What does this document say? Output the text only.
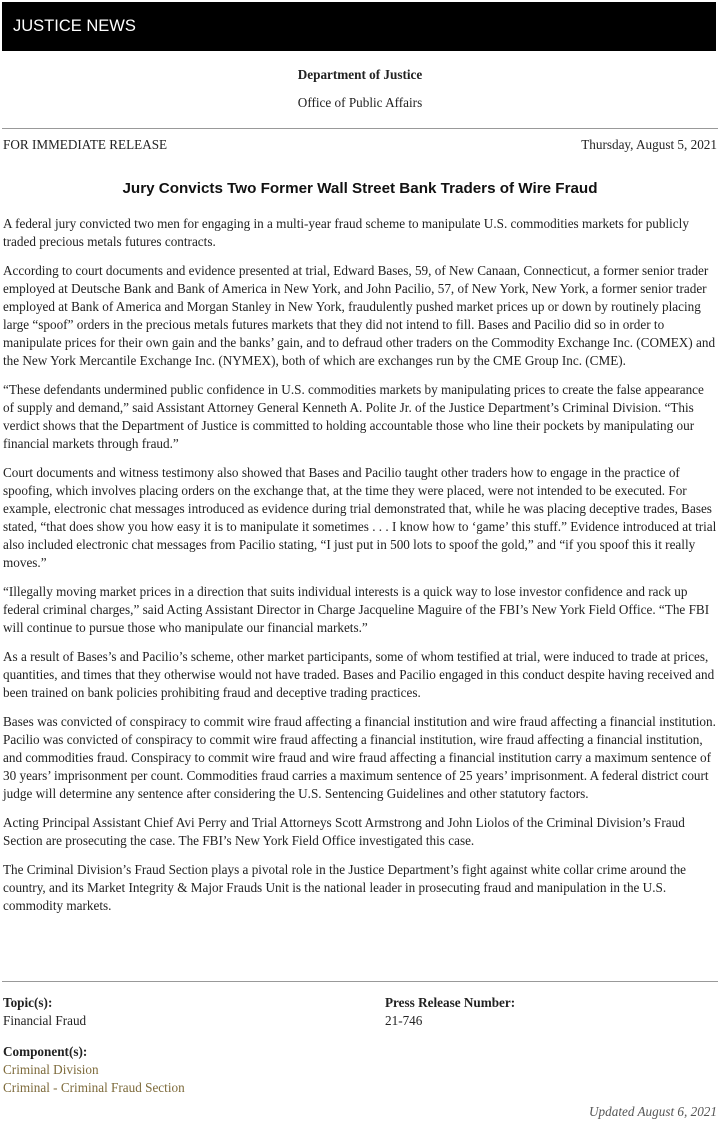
JUSTICE NEWS
Department of Justice
Office of Public Affairs
FOR IMMEDIATE RELEASE	Thursday, August 5, 2021
Jury Convicts Two Former Wall Street Bank Traders of Wire Fraud

A federal jury convicted two men for engaging in a multi-year fraud scheme to manipulate U.S. commodities markets for publicly traded precious metals futures contracts.

According to court documents and evidence presented at trial, Edward Bases, 59, of New Canaan, Connecticut, a former senior trader employed at Deutsche Bank and Bank of America in New York, and John Pacilio, 57, of New York, New York, a former senior trader employed at Bank of America and Morgan Stanley in New York, fraudulently pushed market prices up or down by routinely placing large “spoof” orders in the precious metals futures markets that they did not intend to fill. Bases and Pacilio did so in order to manipulate prices for their own gain and the banks’ gain, and to defraud other traders on the Commodity Exchange Inc. (COMEX) and the New York Mercantile Exchange Inc. (NYMEX), both of which are exchanges run by the CME Group Inc. (CME).

“These defendants undermined public confidence in U.S. commodities markets by manipulating prices to create the false appearance of supply and demand,” said Assistant Attorney General Kenneth A. Polite Jr. of the Justice Department’s Criminal Division. “This verdict shows that the Department of Justice is committed to holding accountable those who line their pockets by manipulating our financial markets through fraud.”

Court documents and witness testimony also showed that Bases and Pacilio taught other traders how to engage in the practice of spoofing, which involves placing orders on the exchange that, at the time they were placed, were not intended to be executed. For example, electronic chat messages introduced as evidence during trial demonstrated that, while he was placing deceptive trades, Bases stated, “that does show you how easy it is to manipulate it sometimes . . . I know how to ‘game’ this stuff.” Evidence introduced at trial also included electronic chat messages from Pacilio stating, “I just put in 500 lots to spoof the gold,” and “if you spoof this it really moves.”

“Illegally moving market prices in a direction that suits individual interests is a quick way to lose investor confidence and rack up federal criminal charges,” said Acting Assistant Director in Charge Jacqueline Maguire of the FBI’s New York Field Office. “The FBI will continue to pursue those who manipulate our financial markets.”

As a result of Bases’s and Pacilio’s scheme, other market participants, some of whom testified at trial, were induced to trade at prices, quantities, and times that they otherwise would not have traded. Bases and Pacilio engaged in this conduct despite having received and been trained on bank policies prohibiting fraud and deceptive trading practices.

Bases was convicted of conspiracy to commit wire fraud affecting a financial institution and wire fraud affecting a financial institution. Pacilio was convicted of conspiracy to commit wire fraud affecting a financial institution, wire fraud affecting a financial institution, and commodities fraud. Conspiracy to commit wire fraud and wire fraud affecting a financial institution carry a maximum sentence of 30 years’ imprisonment per count. Commodities fraud carries a maximum sentence of 25 years’ imprisonment. A federal district court judge will determine any sentence after considering the U.S. Sentencing Guidelines and other statutory factors.

Acting Principal Assistant Chief Avi Perry and Trial Attorneys Scott Armstrong and John Liolos of the Criminal Division’s Fraud Section are prosecuting the case. The FBI’s New York Field Office investigated this case.

The Criminal Division’s Fraud Section plays a pivotal role in the Justice Department’s fight against white collar crime around the country, and its Market Integrity & Major Frauds Unit is the national leader in prosecuting fraud and manipulation in the U.S. commodity markets.

Topic(s):
Financial Fraud
Press Release Number:
21-746
Component(s):
Criminal Division
Criminal - Criminal Fraud Section
Updated August 6, 2021
